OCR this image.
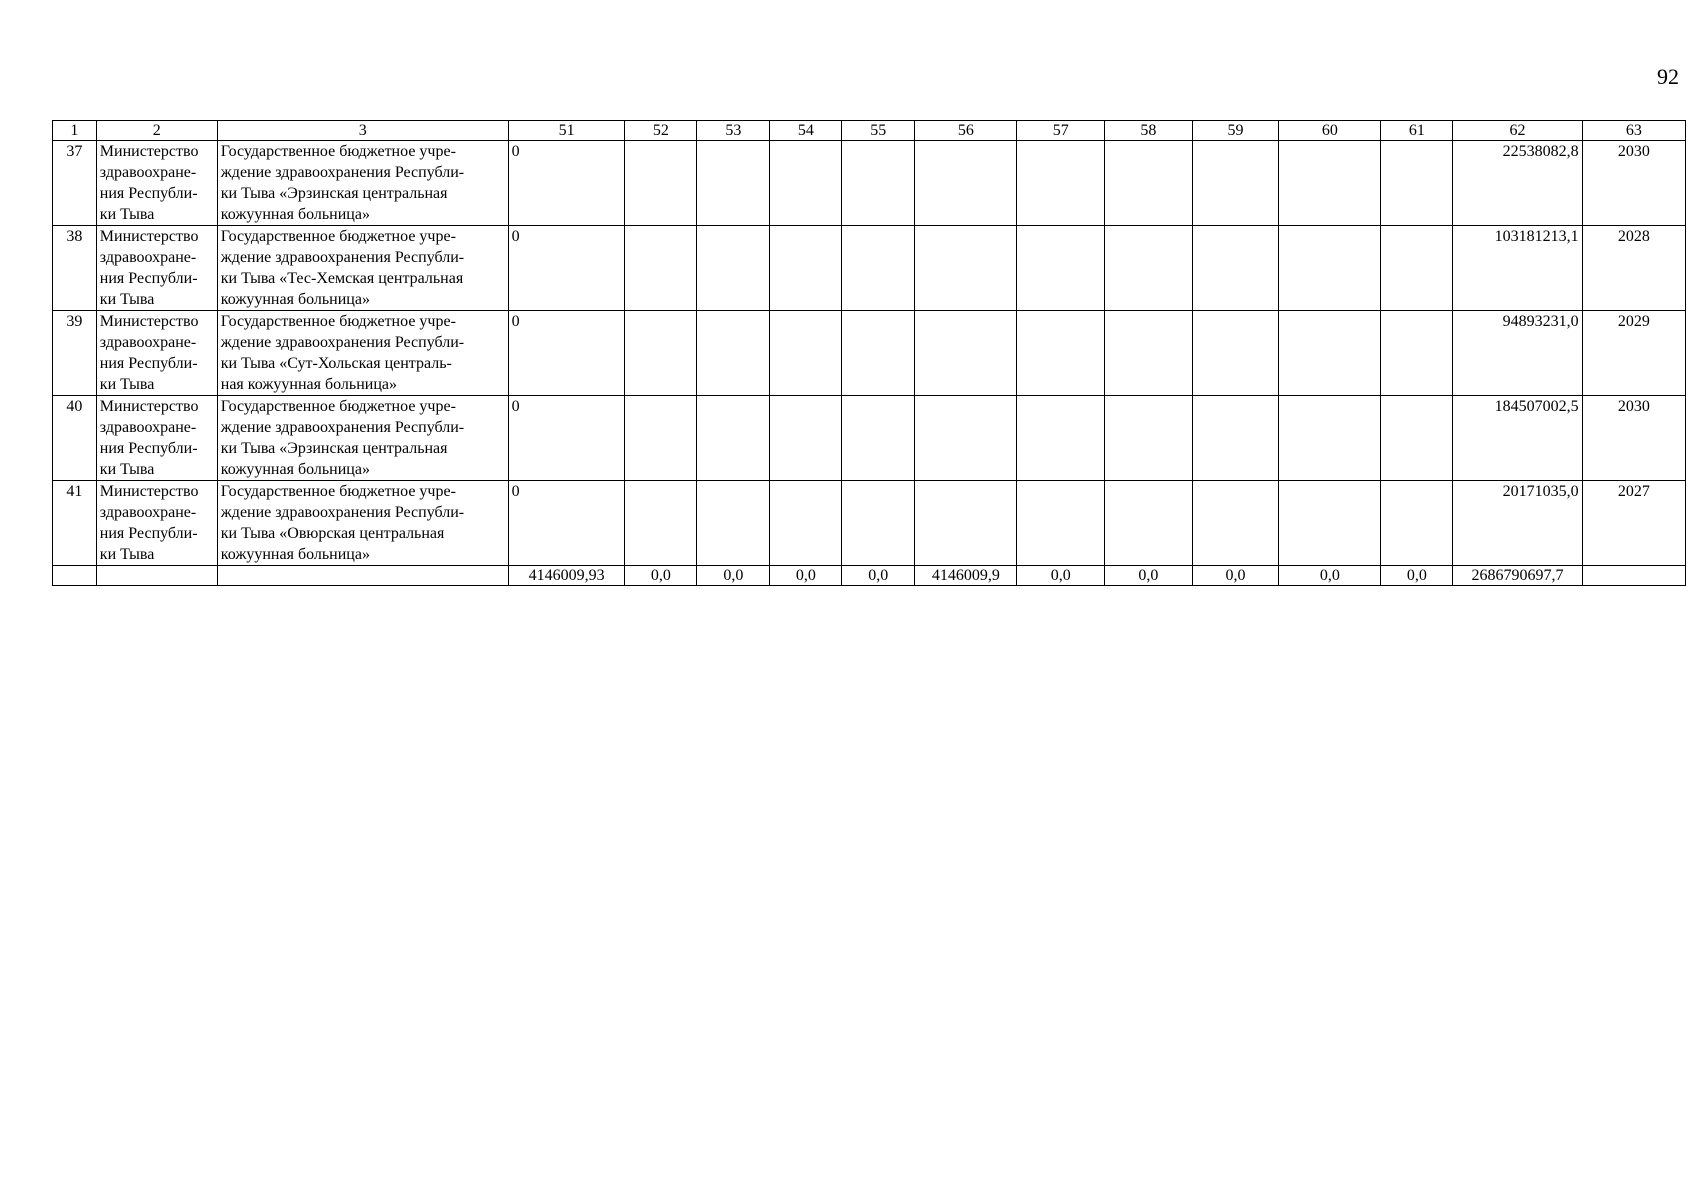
92
1	2	3	51	52	53	54	55	56	57	58	59	60	61	62	63
37	Министерство
здравоохране-
ния Республи-
ки Тыва	Государственное бюджетное учре-
ждение здравоохранения Республи-
ки Тыва «Эрзинская центральная
кожуунная больница»	0											22538082,8	2030
38	Министерство
здравоохране-
ния Республи-
ки Тыва	Государственное бюджетное учре-
ждение здравоохранения Республи-
ки Тыва «Тес-Хемская центральная
кожуунная больница»	0											103181213,1	2028
39	Министерство
здравоохране-
ния Республи-
ки Тыва	Государственное бюджетное учре-
ждение здравоохранения Республи-
ки Тыва «Сут-Хольская централь-
ная кожуунная больница»	0											94893231,0	2029
40	Министерство
здравоохране-
ния Республи-
ки Тыва	Государственное бюджетное учре-
ждение здравоохранения Республи-
ки Тыва «Эрзинская центральная
кожуунная больница»	0											184507002,5	2030
41	Министерство
здравоохране-
ния Республи-
ки Тыва	Государственное бюджетное учре-
ждение здравоохранения Республи-
ки Тыва «Овюрская центральная
кожуунная больница»	0											20171035,0	2027
			4146009,93	0,0	0,0	0,0	0,0	4146009,9	0,0	0,0	0,0	0,0	0,0	2686790697,7	
